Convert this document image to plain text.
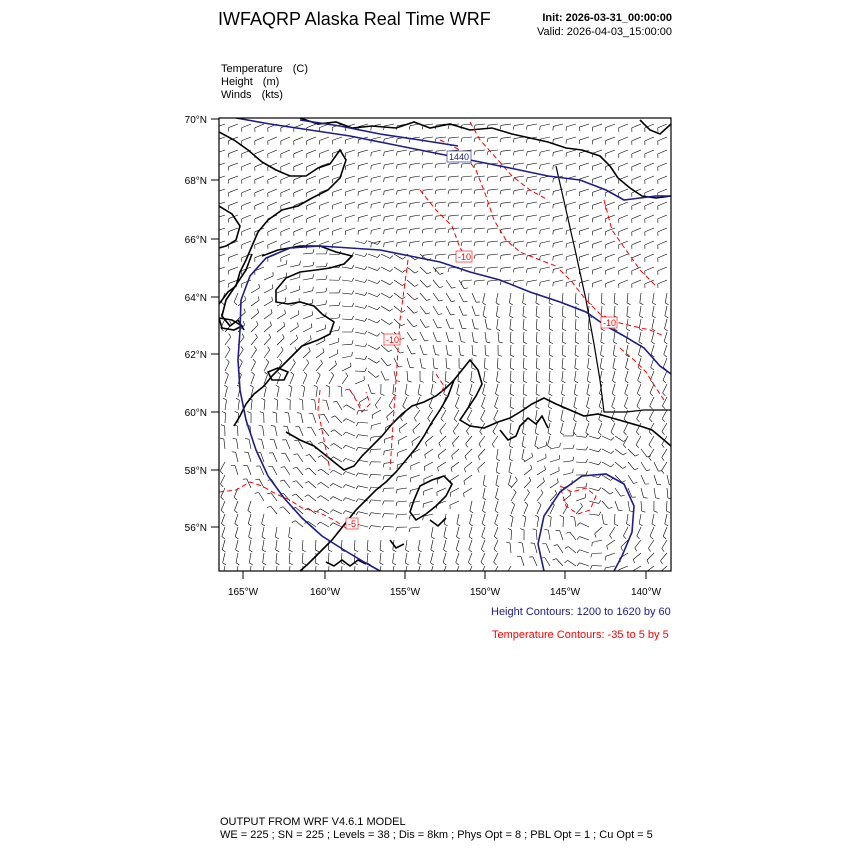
IWFAQRP Alaska Real Time WRF	Init: 2026-03-31_00:00:00
Valid: 2026-04-03_15:00:00
Temperature (C)
Height (m)
Winds (kts)
1440
-10
-10
-10
-5
70°N
68°N
66°N
64°N
62°N
60°N
58°N
56°N
165°W	160°W	155°W	150°W	145°W	140°W
Height Contours: 1200 to 1620 by 60
Temperature Contours: -35 to 5 by 5
OUTPUT FROM WRF V4.6.1 MODEL
WE = 225 ; SN = 225 ; Levels = 38 ; Dis = 8km ; Phys Opt = 8 ; PBL Opt = 1 ; Cu Opt = 5
